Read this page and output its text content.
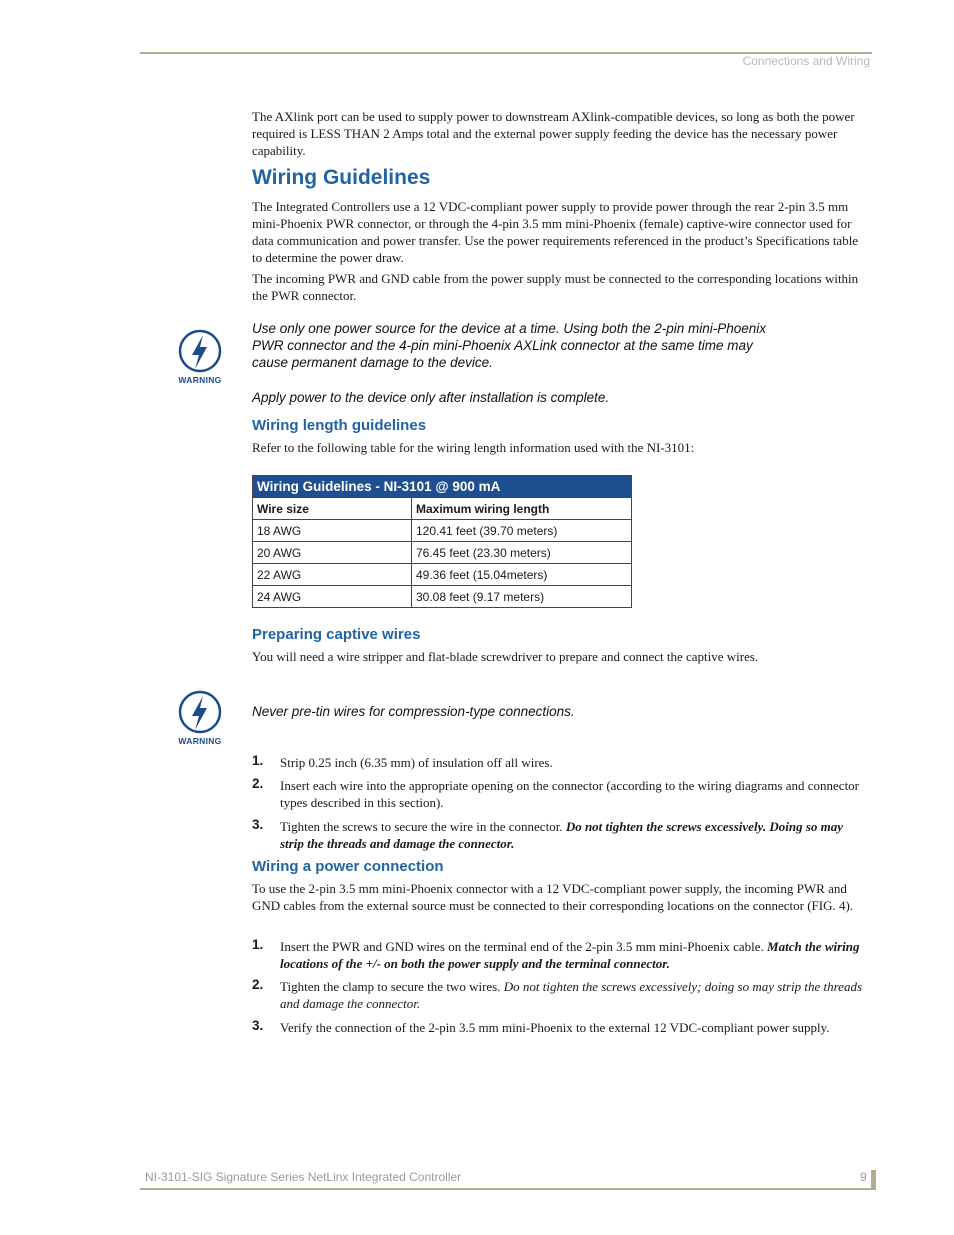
Connections and Wiring

The AXlink port can be used to supply power to downstream AXlink-compatible devices, so long as both the power required is LESS THAN 2 Amps total and the external power supply feeding the device has the necessary power capability.

Wiring Guidelines

The Integrated Controllers use a 12 VDC-compliant power supply to provide power through the rear 2-pin 3.5 mm mini-Phoenix PWR connector, or through the 4-pin 3.5 mm mini-Phoenix (female) captive-wire connector used for data communication and power transfer. Use the power requirements referenced in the product’s Specifications table to determine the power draw.

The incoming PWR and GND cable from the power supply must be connected to the corresponding locations within the PWR connector.

WARNING

Use only one power source for the device at a time. Using both the 2-pin mini-Phoenix PWR connector and the 4-pin mini-Phoenix AXLink connector at the same time may cause permanent damage to the device.

Apply power to the device only after installation is complete.

Wiring length guidelines

Refer to the following table for the wiring length information used with the NI-3101:

Wiring Guidelines - NI-3101 @ 900 mA	
Wire size	Maximum wiring length
18 AWG	120.41 feet (39.70 meters)
20 AWG	76.45 feet (23.30 meters)
22 AWG	49.36 feet (15.04meters)
24 AWG	30.08 feet (9.17 meters)
Preparing captive wires

You will need a wire stripper and flat-blade screwdriver to prepare and connect the captive wires.

WARNING

Never pre-tin wires for compression-type connections.

1. Strip 0.25 inch (6.35 mm) of insulation off all wires.

2. Insert each wire into the appropriate opening on the connector (according to the wiring diagrams and connector types described in this section).

3. Tighten the screws to secure the wire in the connector. Do not tighten the screws excessively. Doing so may strip the threads and damage the connector.

Wiring a power connection

To use the 2-pin 3.5 mm mini-Phoenix connector with a 12 VDC-compliant power supply, the incoming PWR and GND cables from the external source must be connected to their corresponding locations on the connector (FIG. 4).

1. Insert the PWR and GND wires on the terminal end of the 2-pin 3.5 mm mini-Phoenix cable. Match the wiring locations of the +/- on both the power supply and the terminal connector.

2. Tighten the clamp to secure the two wires. Do not tighten the screws excessively; doing so may strip the threads and damage the connector.

3. Verify the connection of the 2-pin 3.5 mm mini-Phoenix to the external 12 VDC-compliant power supply.

NI-3101-SIG Signature Series NetLinx Integrated Controller	9
